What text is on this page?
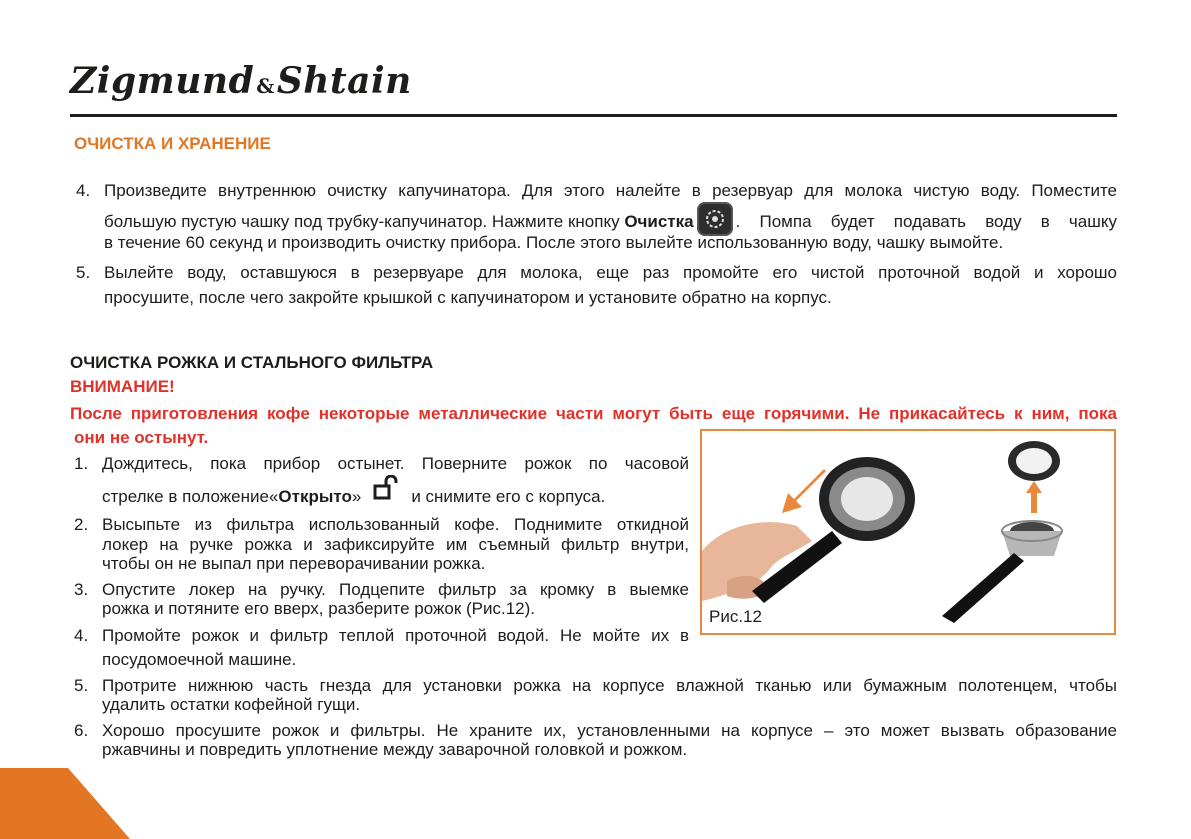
Zigmund &Shtain
ОЧИСТКА И ХРАНЕНИЕ
4. Произведите внутреннюю очистку капучинатора. Для этого налейте в резервуар для молока чистую воду. Поместите
большую пустую чашку под трубку-капучинатор. Нажмите кнопку Очистка . Помпа будет подавать воду в чашку
в течение 60 секунд и производить очистку прибора. После этого вылейте использованную воду, чашку вымойте.
5. Вылейте воду, оставшуюся в резервуаре для молока, еще раз промойте его чистой проточной водой и хорошо
просушите, после чего закройте крышкой с капучинатором и установите обратно на корпус.
ОЧИСТКА РОЖКА И СТАЛЬНОГО ФИЛЬТРА
ВНИМАНИЕ!
После приготовления кофе некоторые металлические части могут быть еще горячими. Не прикасайтесь к ним, пока
они не остынут.
1. Дождитесь, пока прибор остынет. Поверните рожок по часовой
стрелке в положение« Открыто »	и снимите его с корпуса.
2. Высыпьте из фильтра использованный кофе. Поднимите откидной
локер на ручке рожка и зафиксируйте им съемный фильтр внутри,
чтобы он не выпал при переворачивании рожка.
3. Опустите локер на ручку. Подцепите фильтр за кромку в выемке
рожка и потяните его вверх, разберите рожок (Рис.12).
4. Промойте рожок и фильтр теплой проточной водой. Не мойте их в
посудомоечной машине.
5. Протрите нижнюю часть гнезда для установки рожка на корпусе влажной тканью или бумажным полотенцем, чтобы
удалить остатки кофейной гущи.
6. Хорошо просушите рожок и фильтры. Не храните их, установленными на корпусе – это может вызвать образование
ржавчины и повредить уплотнение между заварочной головкой и рожком.
Рис.12
